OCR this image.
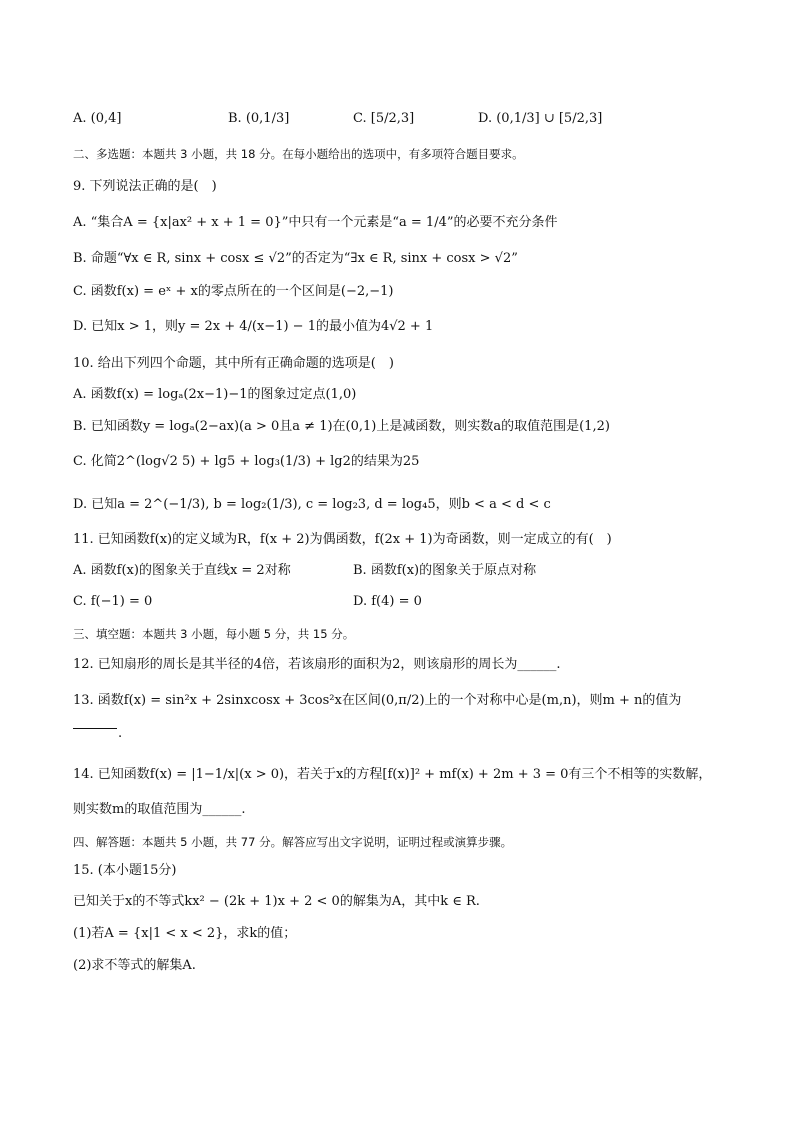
A. (0,4]	B. (0,1/3]	C. [5/2,3]	D. (0,1/3] ∪ [5/2,3]
二、多选题：本题共 3 小题，共 18 分。在每小题给出的选项中，有多项符合题目要求。
9. 下列说法正确的是(　)
A. “集合A = {x|ax² + x + 1 = 0}”中只有一个元素是“a = 1/4”的必要不充分条件
B. 命题“∀x ∈ R, sinx + cosx ≤ √2”的否定为“∃x ∈ R, sinx + cosx > √2”
C. 函数f(x) = eˣ + x的零点所在的一个区间是(−2,−1)
D. 已知x > 1，则y = 2x + 4/(x−1) − 1的最小值为4√2 + 1
10. 给出下列四个命题，其中所有正确命题的选项是(　)
A. 函数f(x) = logₐ(2x−1)−1的图象过定点(1,0)
B. 已知函数y = logₐ(2−ax)(a > 0且a ≠ 1)在(0,1)上是减函数，则实数a的取值范围是(1,2)
C. 化简2^(log√2 5) + lg5 + log₃(1/3) + lg2的结果为25
D. 已知a = 2^(−1/3), b = log₂(1/3), c = log₂3, d = log₄5，则b < a < d < c
11. 已知函数f(x)的定义域为R，f(x + 2)为偶函数，f(2x + 1)为奇函数，则一定成立的有(　)
A. 函数f(x)的图象关于直线x = 2对称	B. 函数f(x)的图象关于原点对称
C. f(−1) = 0	D. f(4) = 0
三、填空题：本题共 3 小题，每小题 5 分，共 15 分。
12. 已知扇形的周长是其半径的4倍，若该扇形的面积为2，则该扇形的周长为______.
13. 函数f(x) = sin²x + 2sinxcosx + 3cos²x在区间(0,π/2)上的一个对称中心是(m,n)，则m + n的值为
.
14. 已知函数f(x) = |1−1/x|(x > 0)，若关于x的方程[f(x)]² + mf(x) + 2m + 3 = 0有三个不相等的实数解，
则实数m的取值范围为______.
四、解答题：本题共 5 小题，共 77 分。解答应写出文字说明，证明过程或演算步骤。
15. (本小题15分)
已知关于x的不等式kx² − (2k + 1)x + 2 < 0的解集为A，其中k ∈ R.
(1)若A = {x|1 < x < 2}，求k的值；
(2)求不等式的解集A.
